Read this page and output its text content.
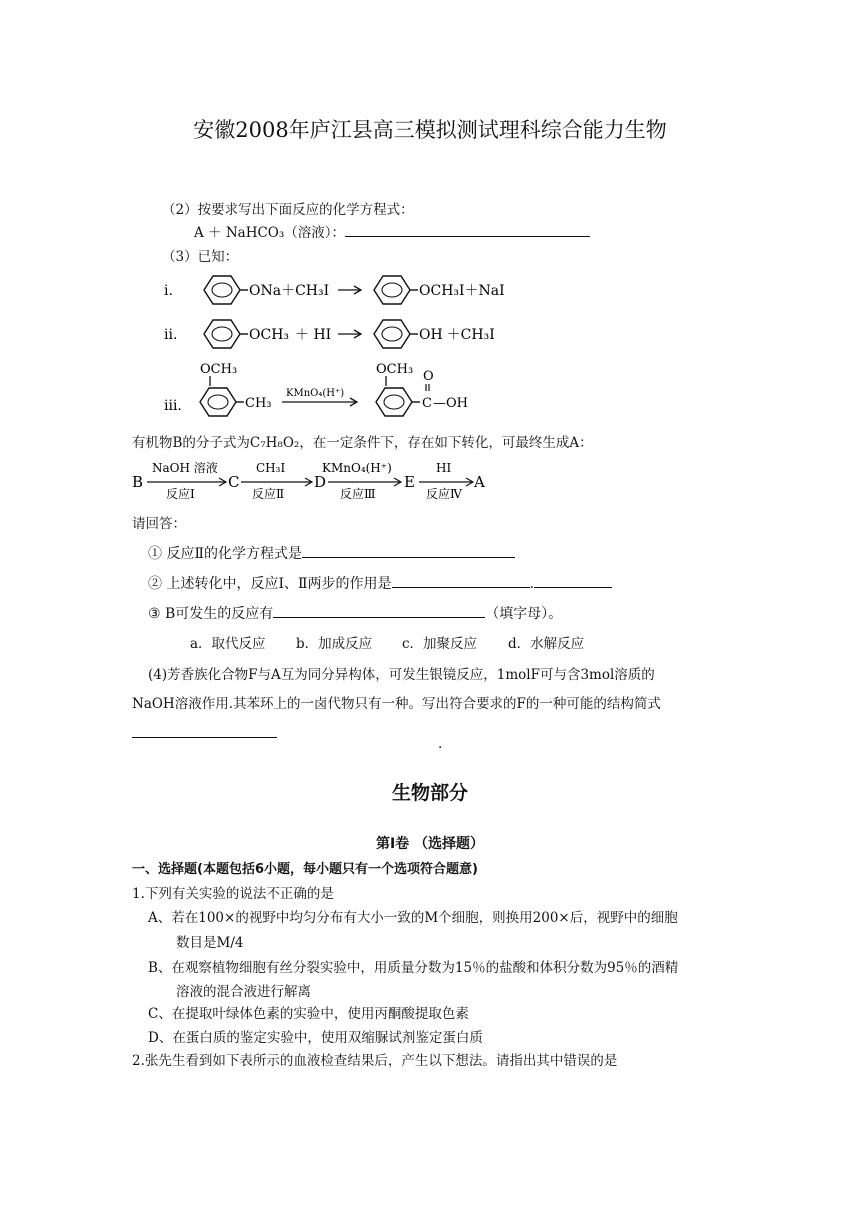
安徽2008年庐江县高三模拟测试理科综合能力生物
（2）按要求写出下面反应的化学方程式：
A ＋ NaHCO₃（溶液）：
（3）已知：
ⅰ.	ONa＋CH₃I	OCH₃I＋NaI
ⅱ.	OCH₃ ＋ HI	OH ＋CH₃I
ⅲ.
OCH₃
CH₃
KMnO₄(H⁺)
OCH₃ O
C —OH
有机物B的分子式为C₇H₈O₂，在一定条件下，存在如下转化，可最终生成A：
B
NaOH 溶液
反应Ⅰ
C
CH₃I
反应Ⅱ
D
KMnO₄(H⁺)
反应Ⅲ
E
HI
反应Ⅳ
A
请回答：
① 反应Ⅱ的化学方程式是
② 上述转化中，反应Ⅰ、Ⅱ两步的作用是	.
③ B可发生的反应有	（填字母）。
a．取代反应 b．加成反应 c．加聚反应 d．水解反应
(4)芳香族化合物F与A互为同分异构体，可发生银镜反应，1molF可与含3mol溶质的
NaOH溶液作用.其苯环上的一卤代物只有一种。写出符合要求的F的一种可能的结构简式
.
生物部分
第Ⅰ卷 （选择题）
一、选择题(本题包括6小题，每小题只有一个选项符合题意)
1.下列有关实验的说法不正确的是
A、若在100×的视野中均匀分布有大小一致的M个细胞，则换用200×后，视野中的细胞
数目是M/4
B、在观察植物细胞有丝分裂实验中，用质量分数为15％的盐酸和体积分数为95％的酒精
溶液的混合液进行解离
C、在提取叶绿体色素的实验中，使用丙酮酸提取色素
D、在蛋白质的鉴定实验中，使用双缩脲试剂鉴定蛋白质
2.张先生看到如下表所示的血液检查结果后，产生以下想法。请指出其中错误的是
